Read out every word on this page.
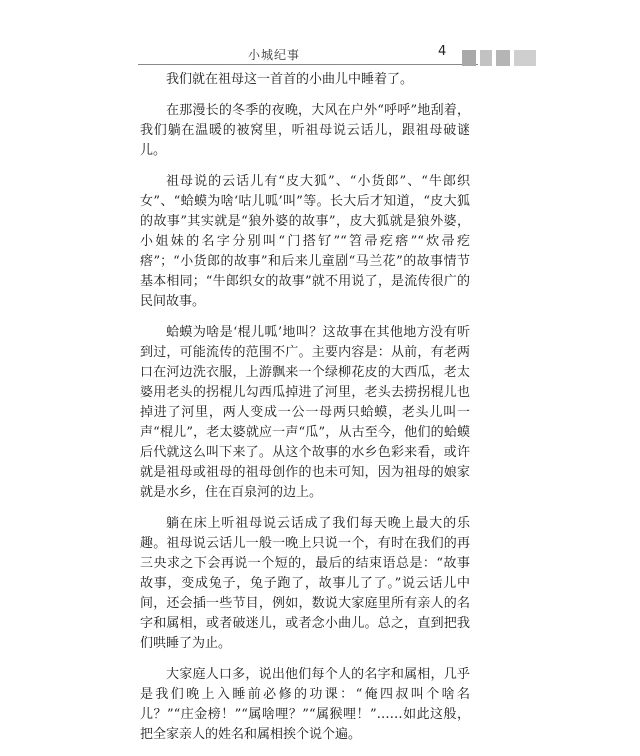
小城纪事	4

我们就在祖母这一首首的小曲儿中睡着了。

在那漫长的冬季的夜晚，大风在户外“呼呼”地刮着，我们躺在温暖的被窝里，听祖母说云话儿，跟祖母破谜儿。

祖母说的云话儿有“皮大狐”、“小货郎”、“牛郎织女”、“蛤蟆为啥‘咕儿呱’叫”等。长大后才知道，“皮大狐的故事”其实就是“狼外婆的故事”，皮大狐就是狼外婆，小姐妹的名字分别叫“门搭钌”“笤帚疙瘩”“炊帚疙瘩”；“小货郎的故事”和后来儿童剧“马兰花”的故事情节基本相同；“牛郎织女的故事”就不用说了，是流传很广的民间故事。

蛤蟆为啥是‘棍儿呱’地叫？这故事在其他地方没有听到过，可能流传的范围不广。主要内容是：从前，有老两口在河边洗衣服，上游飘来一个绿柳花皮的大西瓜，老太婆用老头的拐棍儿勾西瓜掉进了河里，老头去捞拐棍儿也掉进了河里，两人变成一公一母两只蛤蟆，老头儿叫一声“棍儿”，老太婆就应一声“瓜”，从古至今，他们的蛤蟆后代就这么叫下来了。从这个故事的水乡色彩来看，或许就是祖母或祖母的祖母创作的也未可知，因为祖母的娘家就是水乡，住在百泉河的边上。

躺在床上听祖母说云话成了我们每天晚上最大的乐趣。祖母说云话儿一般一晚上只说一个，有时在我们的再三央求之下会再说一个短的，最后的结束语总是：“故事故事，变成兔子，兔子跑了，故事儿了了。”说云话儿中间，还会插一些节目，例如，数说大家庭里所有亲人的名字和属相，或者破迷儿，或者念小曲儿。总之，直到把我们哄睡了为止。

大家庭人口多，说出他们每个人的名字和属相，几乎是我们晚上入睡前必修的功课：“俺四叔叫个啥名儿？”“庄金榜！”“属啥哩？”“属猴哩！”……如此这般，把全家亲人的姓名和属相挨个说个遍。
